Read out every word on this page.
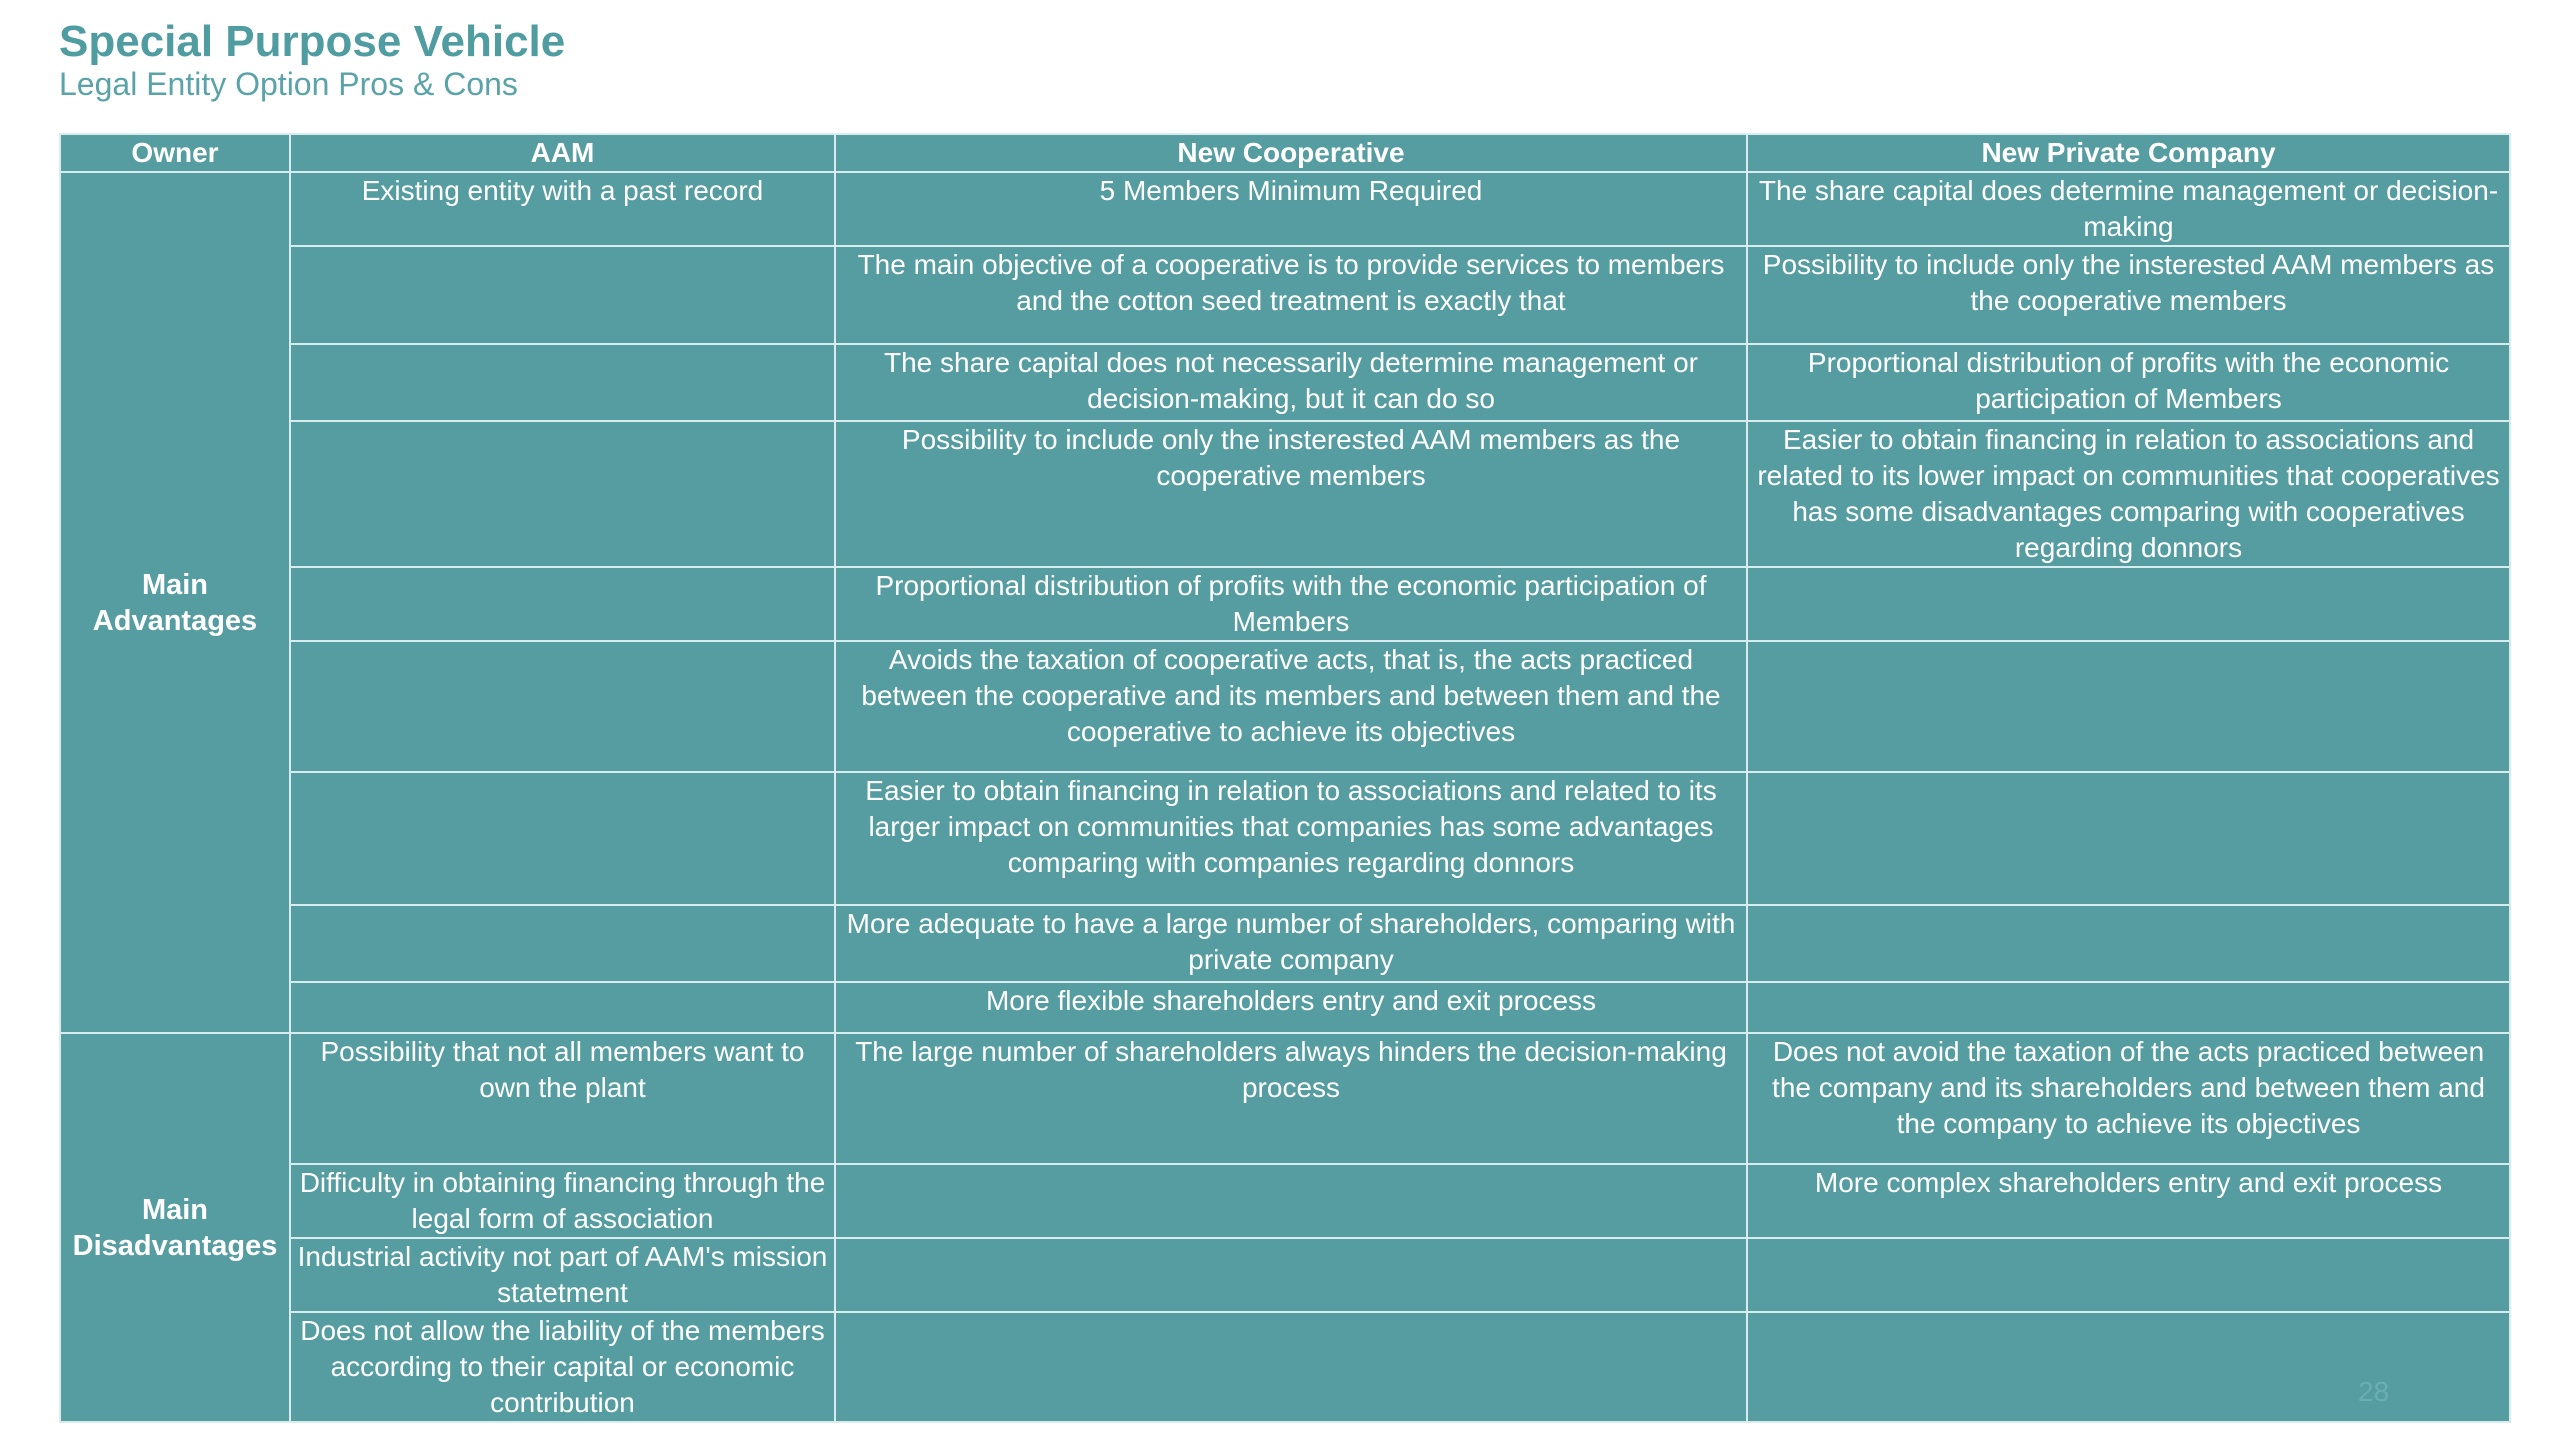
Special Purpose Vehicle
Legal Entity Option Pros & Cons
Owner	AAM	New Cooperative	New Private Company
Main Advantages	Existing entity with a past record	5 Members Minimum Required	The share capital does determine management or decision-making
		The main objective of a cooperative is to provide services to members and the cotton seed treatment is exactly that	Possibility to include only the insterested AAM members as the cooperative members
		The share capital does not necessarily determine management or decision-making, but it can do so	Proportional distribution of profits with the economic participation of Members
		Possibility to include only the insterested AAM members as the cooperative members	Easier to obtain financing in relation to associations and related to its lower impact on communities that cooperatives has some disadvantages comparing with cooperatives regarding donnors
		Proportional distribution of profits with the economic participation of Members	
		Avoids the taxation of cooperative acts, that is, the acts practiced between the cooperative and its members and between them and the cooperative to achieve its objectives	
		Easier to obtain financing in relation to associations and related to its larger impact on communities that companies has some advantages comparing with companies regarding donnors	
		More adequate to have a large number of shareholders, comparing with private company	
		More flexible shareholders entry and exit process	
Main Disadvantages	Possibility that not all members want to own the plant	The large number of shareholders always hinders the decision-making process	Does not avoid the taxation of the acts practiced between the company and its shareholders and between them and the company to achieve its objectives
	Difficulty in obtaining financing through the legal form of association		More complex shareholders entry and exit process
	Industrial activity not part of AAM's mission statetment		
	Does not allow the liability of the members according to their capital or economic contribution			28
